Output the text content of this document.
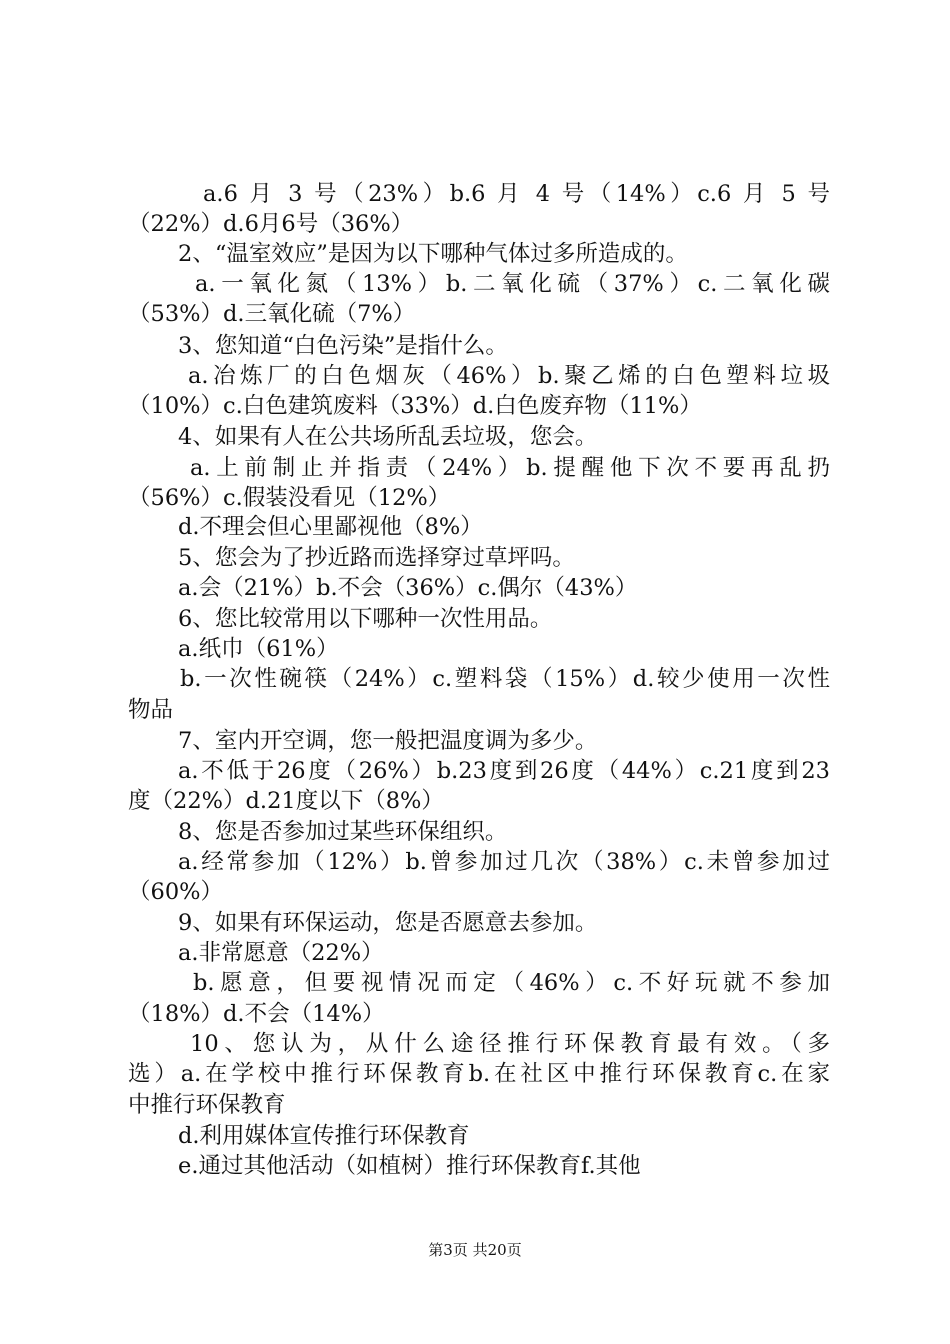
a.6 月 3 号（23%）b.6 月 4 号（14%）c.6 月 5 号
（22%）d.6月6号（36%）
2、“温室效应”是因为以下哪种气体过多所造成的。
a.一氧化氮（13%）b.二氧化硫（37%）c.二氧化碳
（53%）d.三氧化硫（7%）
3、您知道“白色污染”是指什么。
a.冶炼厂的白色烟灰（46%）b.聚乙烯的白色塑料垃圾
（10%）c.白色建筑废料（33%）d.白色废弃物（11%）
4、如果有人在公共场所乱丢垃圾，您会。
a.上前制止并指责（24%）b.提醒他下次不要再乱扔
（56%）c.假装没看见（12%）
d.不理会但心里鄙视他（8%）
5、您会为了抄近路而选择穿过草坪吗。
a.会（21%）b.不会（36%）c.偶尔（43%）
6、您比较常用以下哪种一次性用品。
a.纸巾（61%）
b.一次性碗筷（24%）c.塑料袋（15%）d.较少使用一次性
物品
7、室内开空调，您一般把温度调为多少。
a.不低于26度（26%）b.23度到26度（44%）c.21度到23
度（22%）d.21度以下（8%）
8、您是否参加过某些环保组织。
a.经常参加（12%）b.曾参加过几次（38%）c.未曾参加过
（60%）
9、如果有环保运动，您是否愿意去参加。
a.非常愿意（22%）
b.愿意，但要视情况而定（46%）c.不好玩就不参加
（18%）d.不会（14%）
10、您认为，从什么途径推行环保教育最有效。（多
选）a.在学校中推行环保教育b.在社区中推行环保教育c.在家
中推行环保教育
d.利用媒体宣传推行环保教育
e.通过其他活动（如植树）推行环保教育f.其他
第3页 共20页
